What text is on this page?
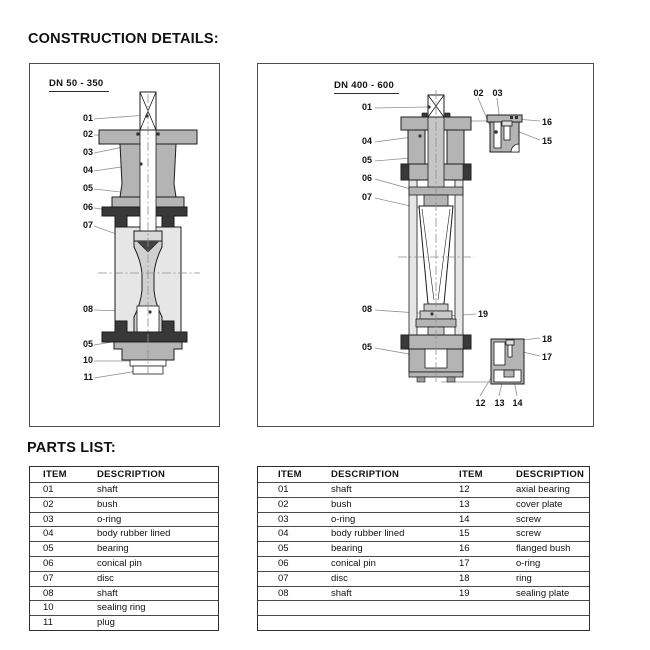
CONSTRUCTION DETAILS:
DN 50 - 350
01
02
03
04
05
06
07
08
05
10
11
DN 400 - 600
01
04
05
06
07
02 03
16
15
08	19
05
18
17
12 13 14
PARTS LIST:
ITEM	DESCRIPTION
01	shaft
02	bush
03	o-ring
04	body rubber lined
05	bearing
06	conical pin
07	disc
08	shaft
10	sealing ring
11	plug
ITEM	DESCRIPTION	ITEM	DESCRIPTION
01	shaft	12	axial bearing
02	bush	13	cover plate
03	o-ring	14	screw
04	body rubber lined	15	screw
05	bearing	16	flanged bush
06	conical pin	17	o-ring
07	disc	18	ring
08	shaft	19	sealing plate
